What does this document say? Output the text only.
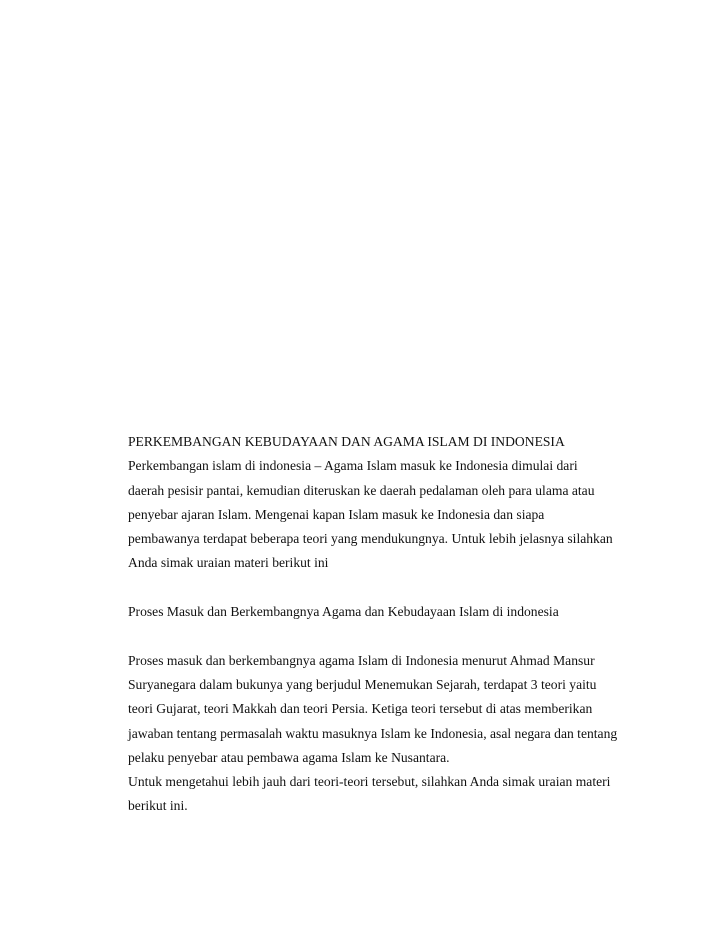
PERKEMBANGAN KEBUDAYAAN DAN AGAMA ISLAM DI INDONESIA
Perkembangan islam di indonesia – Agama Islam masuk ke Indonesia dimulai dari
daerah pesisir pantai, kemudian diteruskan ke daerah pedalaman oleh para ulama atau
penyebar ajaran Islam. Mengenai kapan Islam masuk ke Indonesia dan siapa
pembawanya terdapat beberapa teori yang mendukungnya. Untuk lebih jelasnya silahkan
Anda simak uraian materi berikut ini
Proses Masuk dan Berkembangnya Agama dan Kebudayaan Islam di indonesia
Proses masuk dan berkembangnya agama Islam di Indonesia menurut Ahmad Mansur
Suryanegara dalam bukunya yang berjudul Menemukan Sejarah, terdapat 3 teori yaitu
teori Gujarat, teori Makkah dan teori Persia. Ketiga teori tersebut di atas memberikan
jawaban tentang permasalah waktu masuknya Islam ke Indonesia, asal negara dan tentang
pelaku penyebar atau pembawa agama Islam ke Nusantara.
Untuk mengetahui lebih jauh dari teori-teori tersebut, silahkan Anda simak uraian materi
berikut ini.
